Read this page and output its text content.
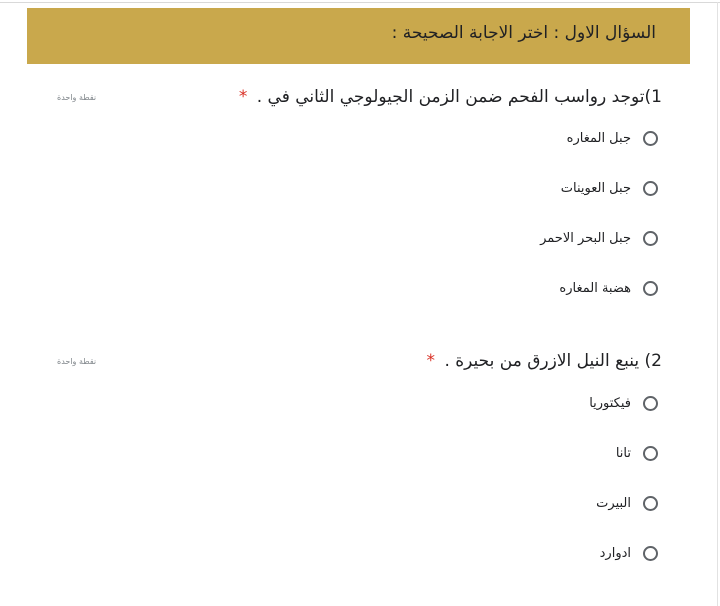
السؤال الاول : اختر الاجابة الصحيحة :
1)توجد رواسب الفحم ضمن الزمن الجيولوجي الثاني في . *
نقطة واحدة
جبل المغاره
جبل العوينات
جبل البحر الاحمر
هضبة المغاره
2) ينبع النيل الازرق من بحيرة . *
نقطة واحدة
فيكتوريا
تانا
البيرت
ادوارد
